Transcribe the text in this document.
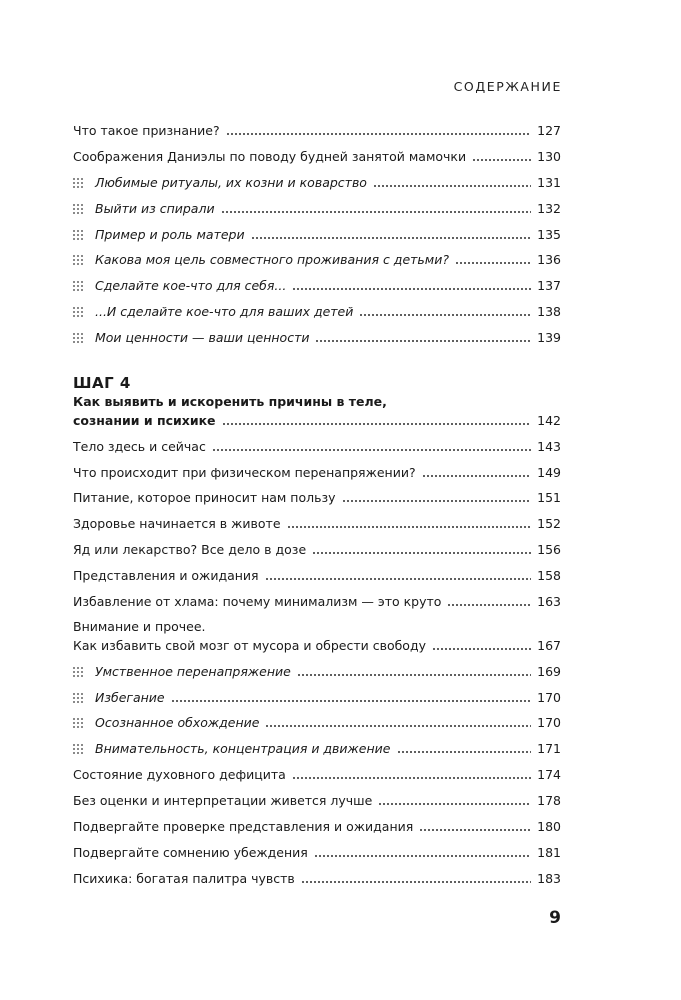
СОДЕРЖАНИЕ
Что такое признание?	127
Соображения Даниэлы по поводу будней занятой мамочки	130
Любимые ритуалы, их козни и коварство	131
Выйти из спирали	132
Пример и роль матери	135
Какова моя цель совместного проживания с детьми?	136
Сделайте кое-что для себя...	137
...И сделайте кое-что для ваших детей	138
Мои ценности — ваши ценности	139
ШАГ 4
Как выявить и искоренить причины в теле,
сознании и психике	142
Тело здесь и сейчас	143
Что происходит при физическом перенапряжении?	149
Питание, которое приносит нам пользу	151
Здоровье начинается в животе	152
Яд или лекарство? Все дело в дозе	156
Представления и ожидания	158
Избавление от хлама: почему минимализм — это круто	163
Внимание и прочее.
Как избавить свой мозг от мусора и обрести свободу	167
Умственное перенапряжение	169
Избегание	170
Осознанное обхождение	170
Внимательность, концентрация и движение	171
Состояние духовного дефицита	174
Без оценки и интерпретации живется лучше	178
Подвергайте проверке представления и ожидания	180
Подвергайте сомнению убеждения	181
Психика: богатая палитра чувств	183
9
